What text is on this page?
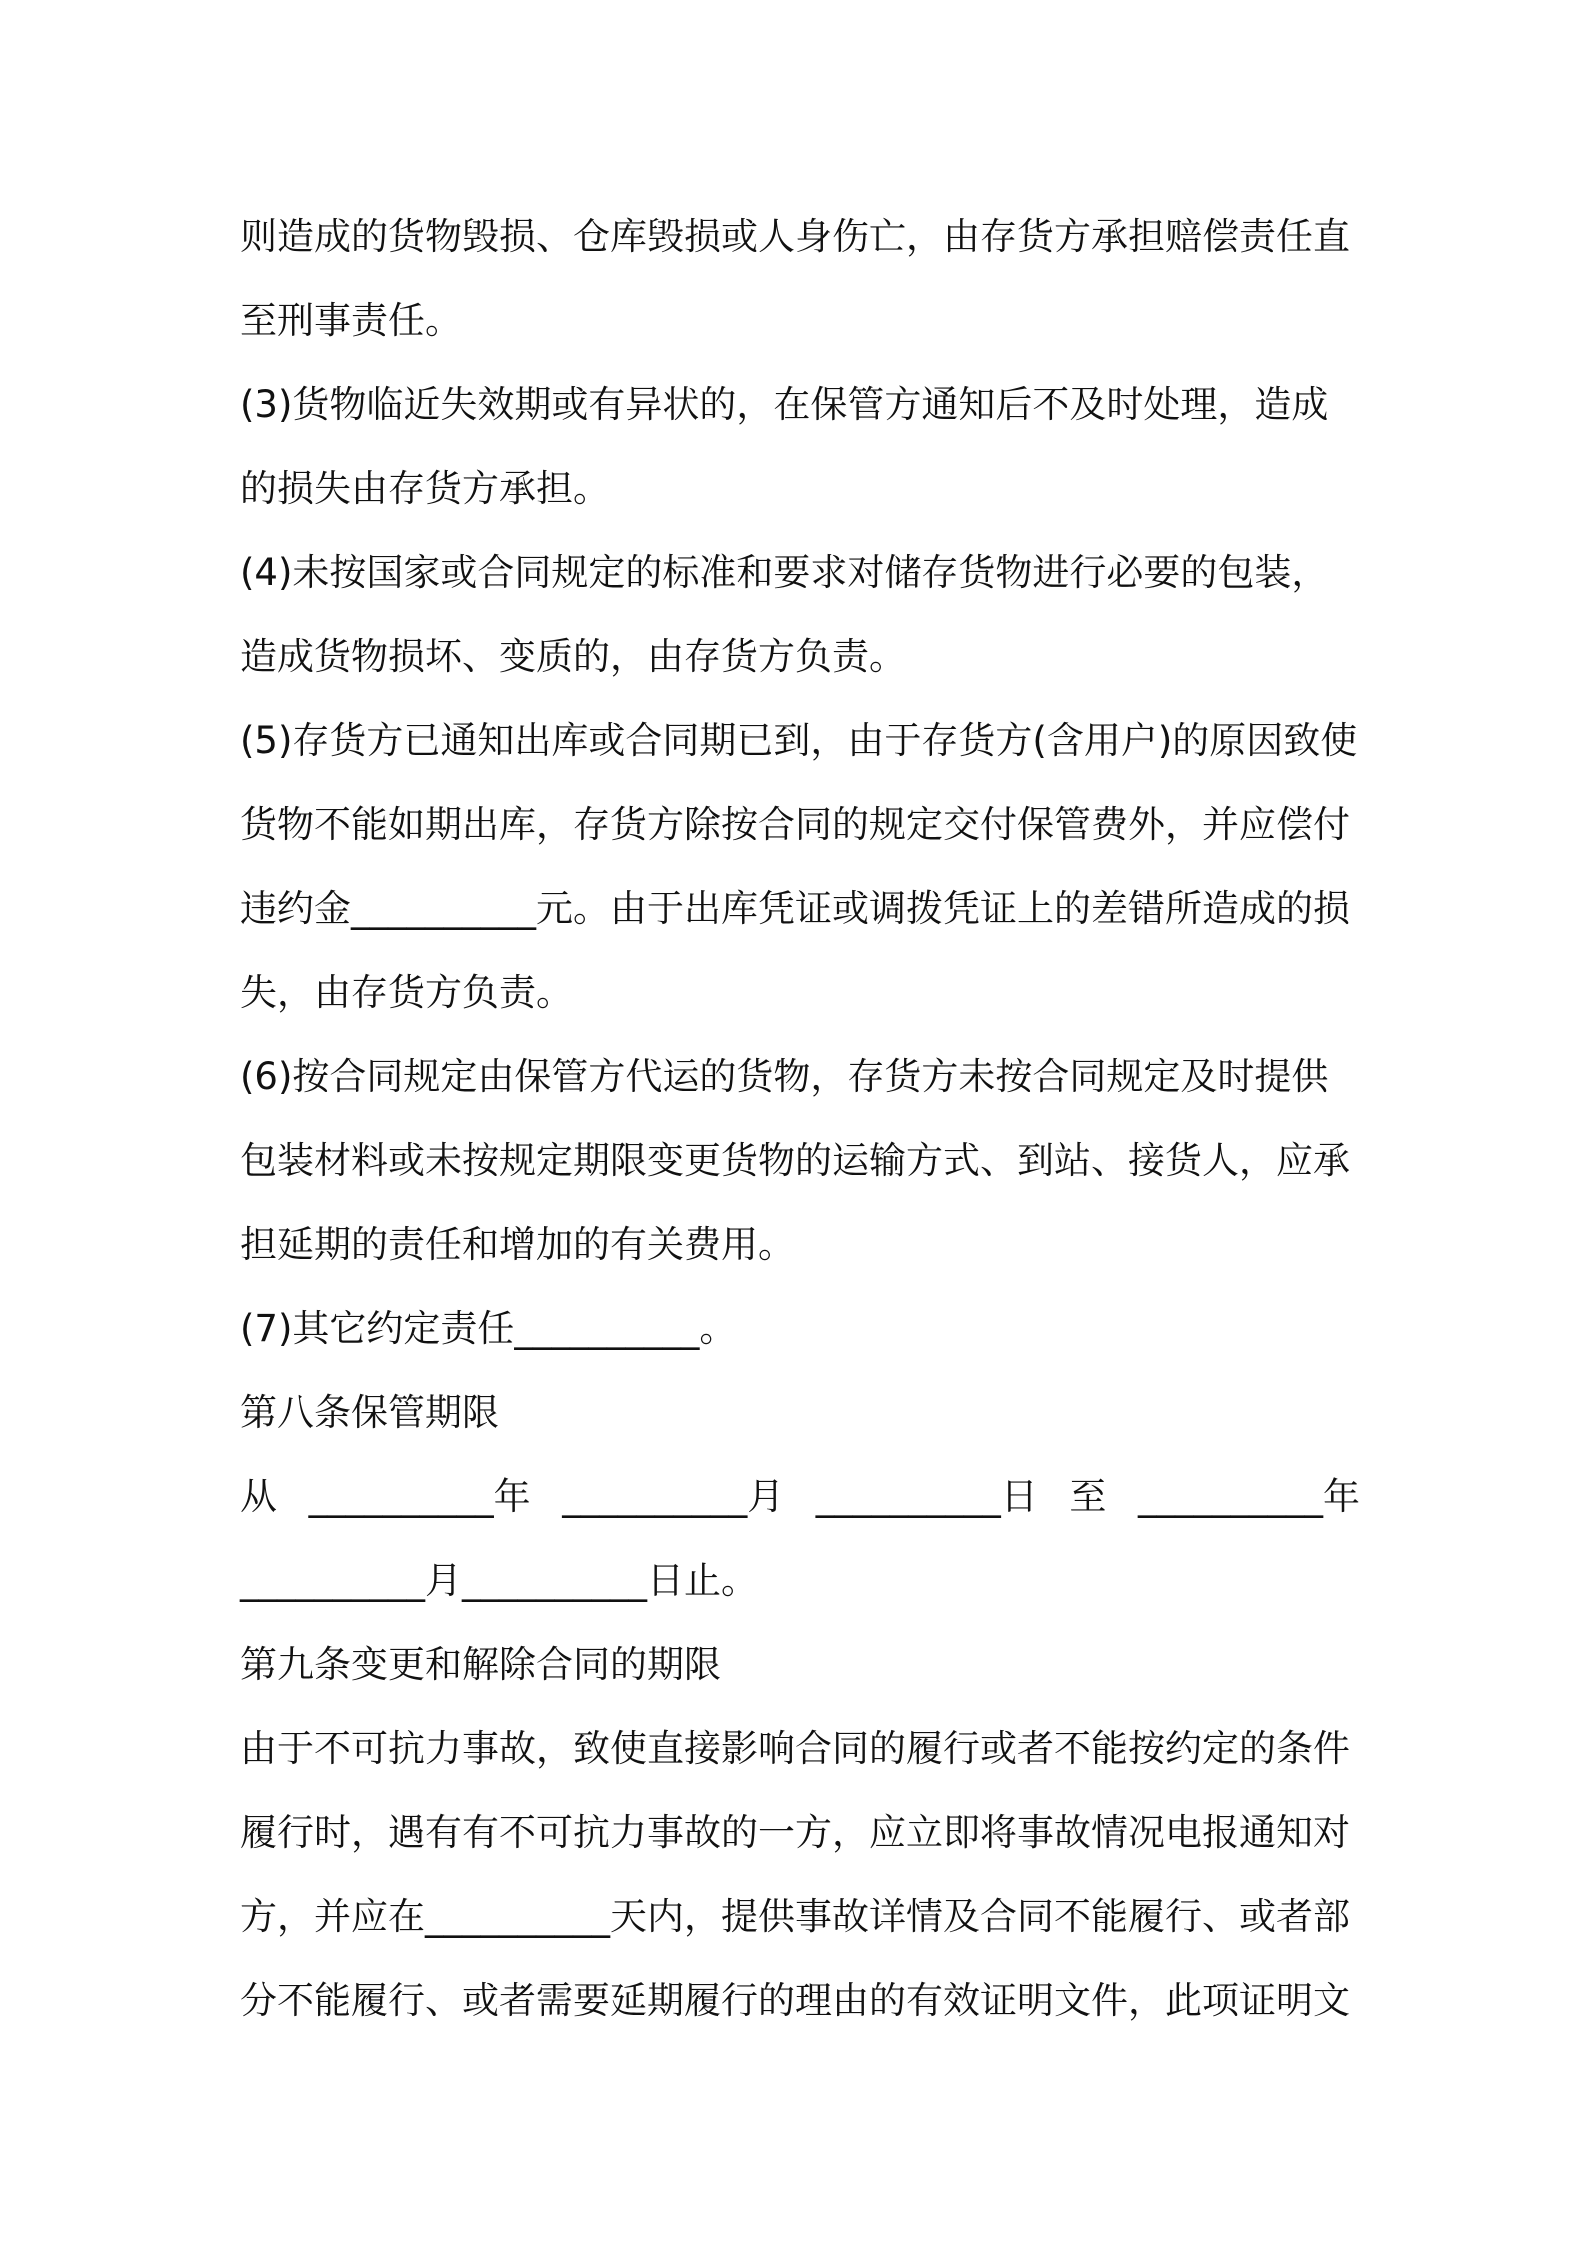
则造成的货物毁损、仓库毁损或人身伤亡，由存货方承担赔偿责任直
至刑事责任。
(3)货物临近失效期或有异状的，在保管方通知后不及时处理，造成
的损失由存货方承担。
(4)未按国家或合同规定的标准和要求对储存货物进行必要的包装，
造成货物损坏、变质的，由存货方负责。
(5)存货方已通知出库或合同期已到，由于存货方(含用户)的原因致使
货物不能如期出库，存货方除按合同的规定交付保管费外，并应偿付
违约金__________元。由于出库凭证或调拨凭证上的差错所造成的损
失，由存货方负责。
(6)按合同规定由保管方代运的货物，存货方未按合同规定及时提供
包装材料或未按规定期限变更货物的运输方式、到站、接货人，应承
担延期的责任和增加的有关费用。
(7)其它约定责任__________。
第八条保管期限
从 __________年 __________月 __________日 至 __________年
__________月__________日止。
第九条变更和解除合同的期限
由于不可抗力事故，致使直接影响合同的履行或者不能按约定的条件
履行时，遇有有不可抗力事故的一方，应立即将事故情况电报通知对
方，并应在__________天内，提供事故详情及合同不能履行、或者部
分不能履行、或者需要延期履行的理由的有效证明文件，此项证明文
